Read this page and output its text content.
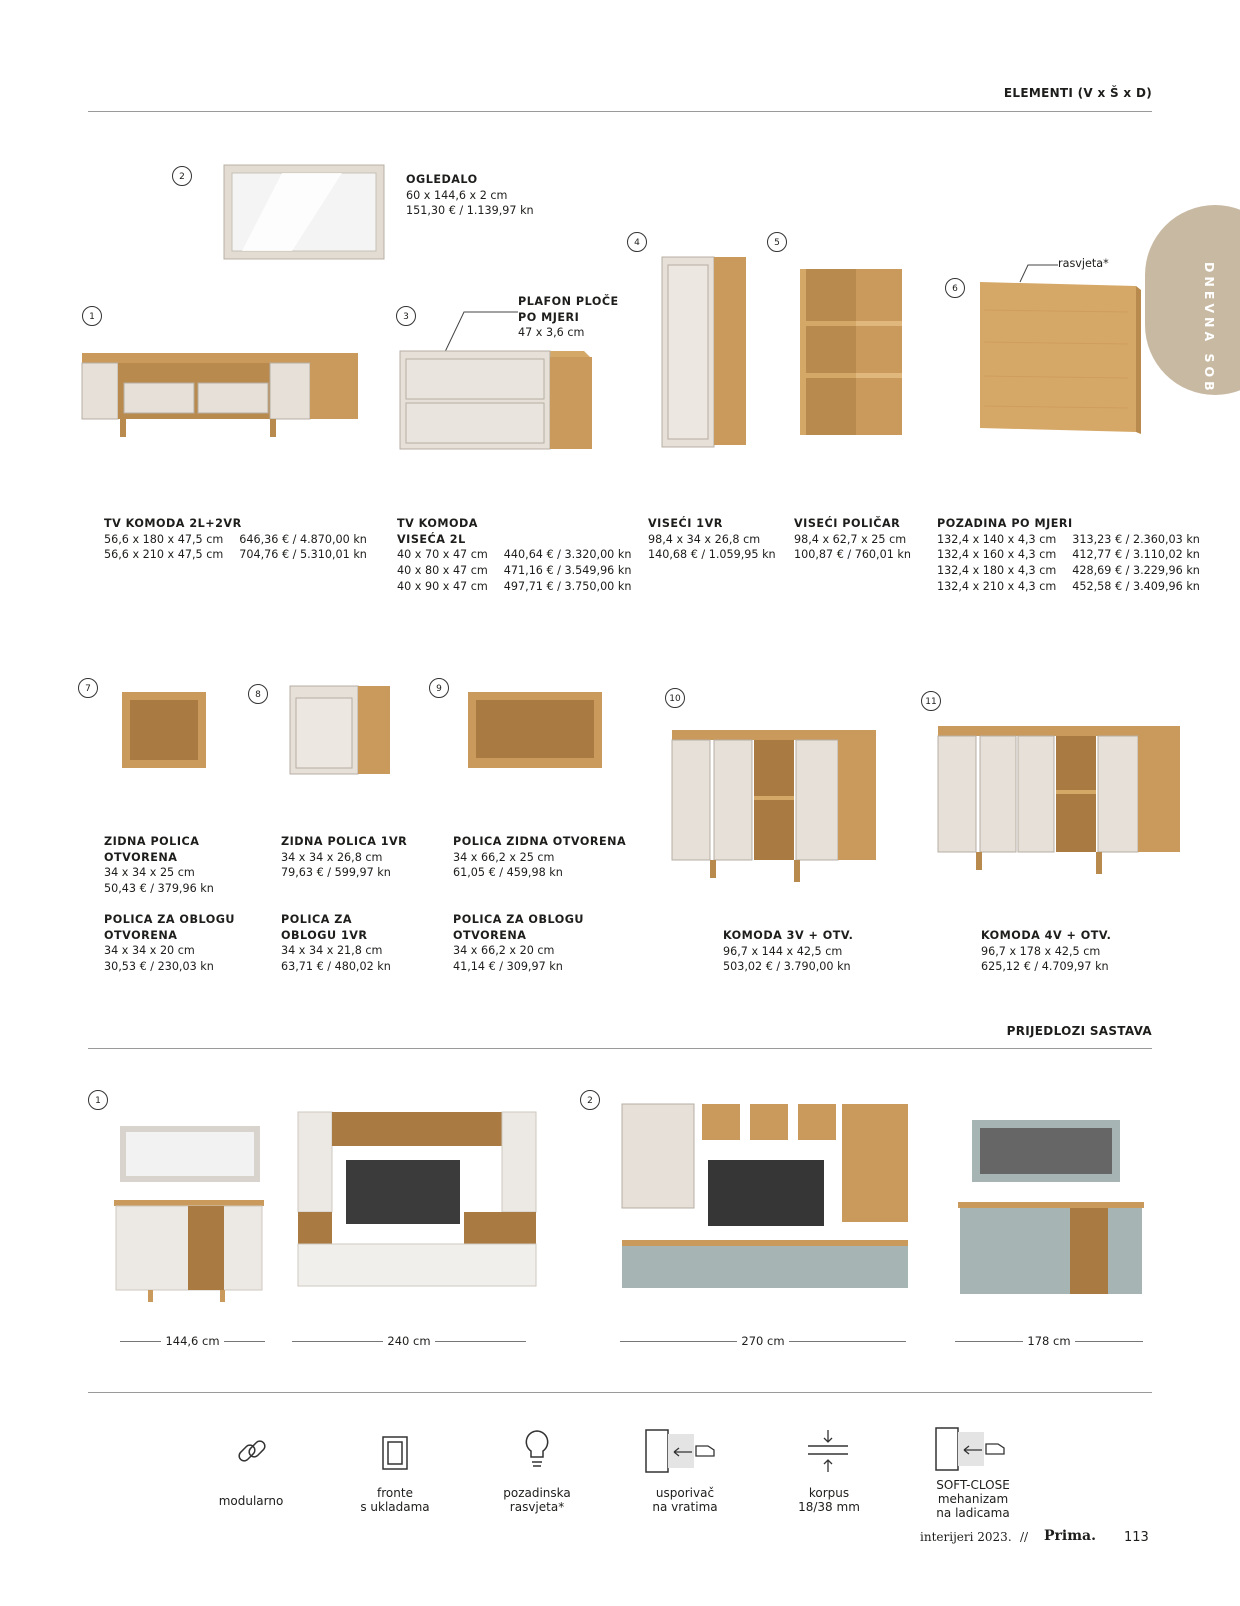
ELEMENTI (V x Š x D)
DNEVNA SOBA
2	OGLEDALO
60 x 144,6 x 2 cm
151,30 € / 1.139,97 kn
1	3
PLAFON PLOČE
PO MJERI
47 x 3,6 cm
4	5
6
rasvjeta*
TV KOMODA 2L+2VR
56,6 x 180 x 47,5 cm 646,36 € / 4.870,00 kn
56,6 x 210 x 47,5 cm 704,76 € / 5.310,01 kn
TV KOMODA
VISEĆA 2L
40 x 70 x 47 cm 440,64 € / 3.320,00 kn
40 x 80 x 47 cm 471,16 € / 3.549,96 kn
40 x 90 x 47 cm 497,71 € / 3.750,00 kn
VISEĆI 1VR
98,4 x 34 x 26,8 cm
140,68 € / 1.059,95 kn
VISEĆI POLIČAR
98,4 x 62,7 x 25 cm
100,87 € / 760,01 kn
POZADINA PO MJERI
132,4 x 140 x 4,3 cm 313,23 € / 2.360,03 kn
132,4 x 160 x 4,3 cm 412,77 € / 3.110,02 kn
132,4 x 180 x 4,3 cm 428,69 € / 3.229,96 kn
132,4 x 210 x 4,3 cm 452,58 € / 3.409,96 kn
7
8
9
10	11
ZIDNA POLICA
OTVORENA
34 x 34 x 25 cm
50,43 € / 379,96 kn
ZIDNA POLICA 1VR
34 x 34 x 26,8 cm
79,63 € / 599,97 kn
POLICA ZIDNA OTVORENA
34 x 66,2 x 25 cm
61,05 € / 459,98 kn
POLICA ZA OBLOGU
OTVORENA
34 x 34 x 20 cm
30,53 € / 230,03 kn
POLICA ZA
OBLOGU 1VR
34 x 34 x 21,8 cm
63,71 € / 480,02 kn
POLICA ZA OBLOGU
OTVORENA
34 x 66,2 x 20 cm
41,14 € / 309,97 kn
KOMODA 3V + OTV.
96,7 x 144 x 42,5 cm
503,02 € / 3.790,00 kn
KOMODA 4V + OTV.
96,7 x 178 x 42,5 cm
625,12 € / 4.709,97 kn
PRIJEDLOZI SASTAVA
1	2
144,6 cm	240 cm	270 cm	178 cm
modularno
fronte
s ukladama
pozadinska
rasvjeta*
usporivač
na vratima
korpus
18/38 mm
SOFT-CLOSE
mehanizam
na ladicama
interijeri 2023. // Prima. 113
